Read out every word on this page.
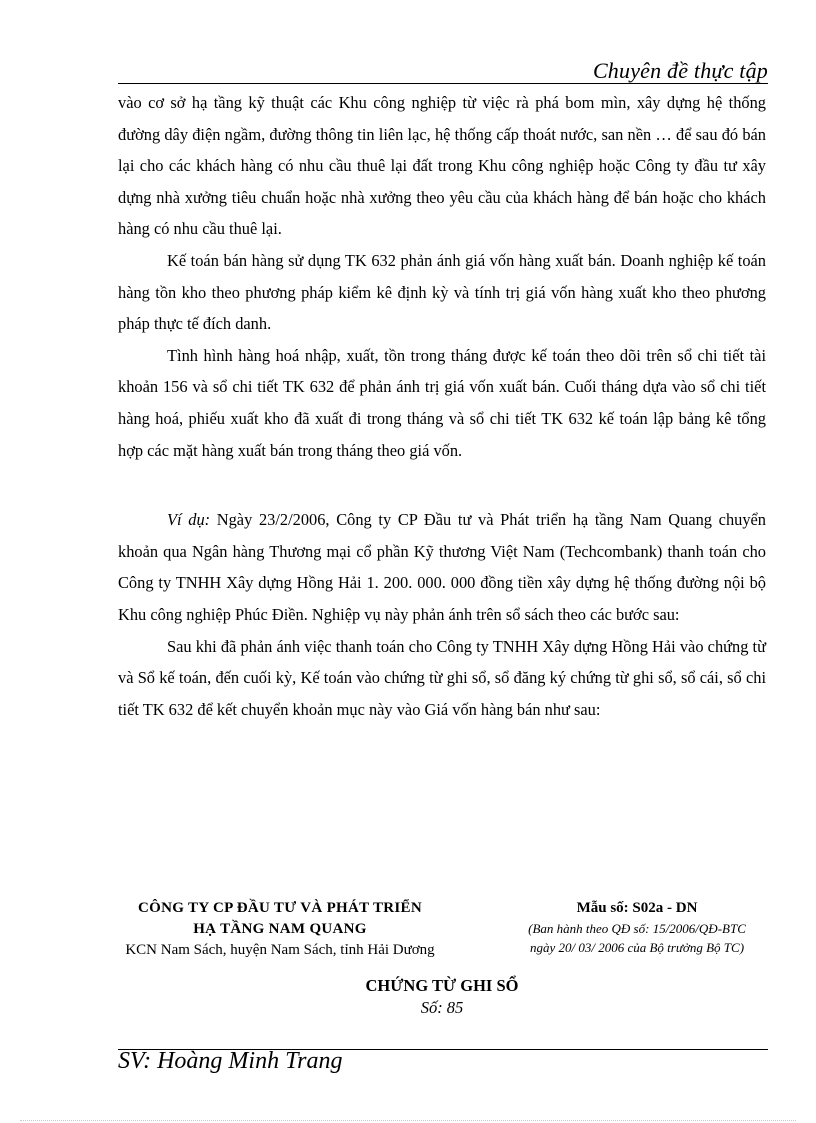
Chuyên đề thực tập

vào cơ sở hạ tầng kỹ thuật các Khu công nghiệp từ việc rà phá bom mìn, xây dựng hệ thống đường dây điện ngầm, đường thông tin liên lạc, hệ thống cấp thoát nước, san nền … để sau đó bán lại cho các khách hàng có nhu cầu thuê lại đất trong Khu công nghiệp hoặc Công ty đầu tư xây dựng nhà xưởng tiêu chuẩn hoặc nhà xưởng theo yêu cầu của khách hàng để bán hoặc cho khách hàng có nhu cầu thuê lại.

Kế toán bán hàng sử dụng TK 632 phản ánh giá vốn hàng xuất bán. Doanh nghiệp kế toán hàng tồn kho theo phương pháp kiểm kê định kỳ và tính trị giá vốn hàng xuất kho theo phương pháp thực tế đích danh.

Tình hình hàng hoá nhập, xuất, tồn trong tháng được kế toán theo dõi trên sổ chi tiết tài khoản 156 và sổ chi tiết TK 632 để phản ánh trị giá vốn xuất bán. Cuối tháng dựa vào sổ chi tiết hàng hoá, phiếu xuất kho đã xuất đi trong tháng và sổ chi tiết TK 632 kế toán lập bảng kê tổng hợp các mặt hàng xuất bán trong tháng theo giá vốn.

Ví dụ: Ngày 23/2/2006, Công ty CP Đầu tư và Phát triển hạ tầng Nam Quang chuyển khoản qua Ngân hàng Thương mại cổ phần Kỹ thương Việt Nam (Techcombank) thanh toán cho Công ty TNHH Xây dựng Hồng Hải 1. 200. 000. 000 đồng tiền xây dựng hệ thống đường nội bộ Khu công nghiệp Phúc Điền. Nghiệp vụ này phản ánh trên sổ sách theo các bước sau:

Sau khi đã phản ánh việc thanh toán cho Công ty TNHH Xây dựng Hồng Hải vào chứng từ và Sổ kế toán, đến cuối kỳ, Kế toán vào chứng từ ghi sổ, sổ đăng ký chứng từ ghi sổ, sổ cái, sổ chi tiết TK 632 để kết chuyển khoản mục này vào Giá vốn hàng bán như sau:

CÔNG TY CP ĐẦU TƯ VÀ PHÁT TRIỂN
HẠ TẦNG NAM QUANG
KCN Nam Sách, huyện Nam Sách, tỉnh Hải Dương
Mẫu số: S02a - DN
(Ban hành theo QĐ số: 15/2006/QĐ-BTC
ngày 20/ 03/ 2006 của Bộ trưởng Bộ TC)
CHỨNG TỪ GHI SỔ
Số: 85
SV: Hoàng Minh Trang
